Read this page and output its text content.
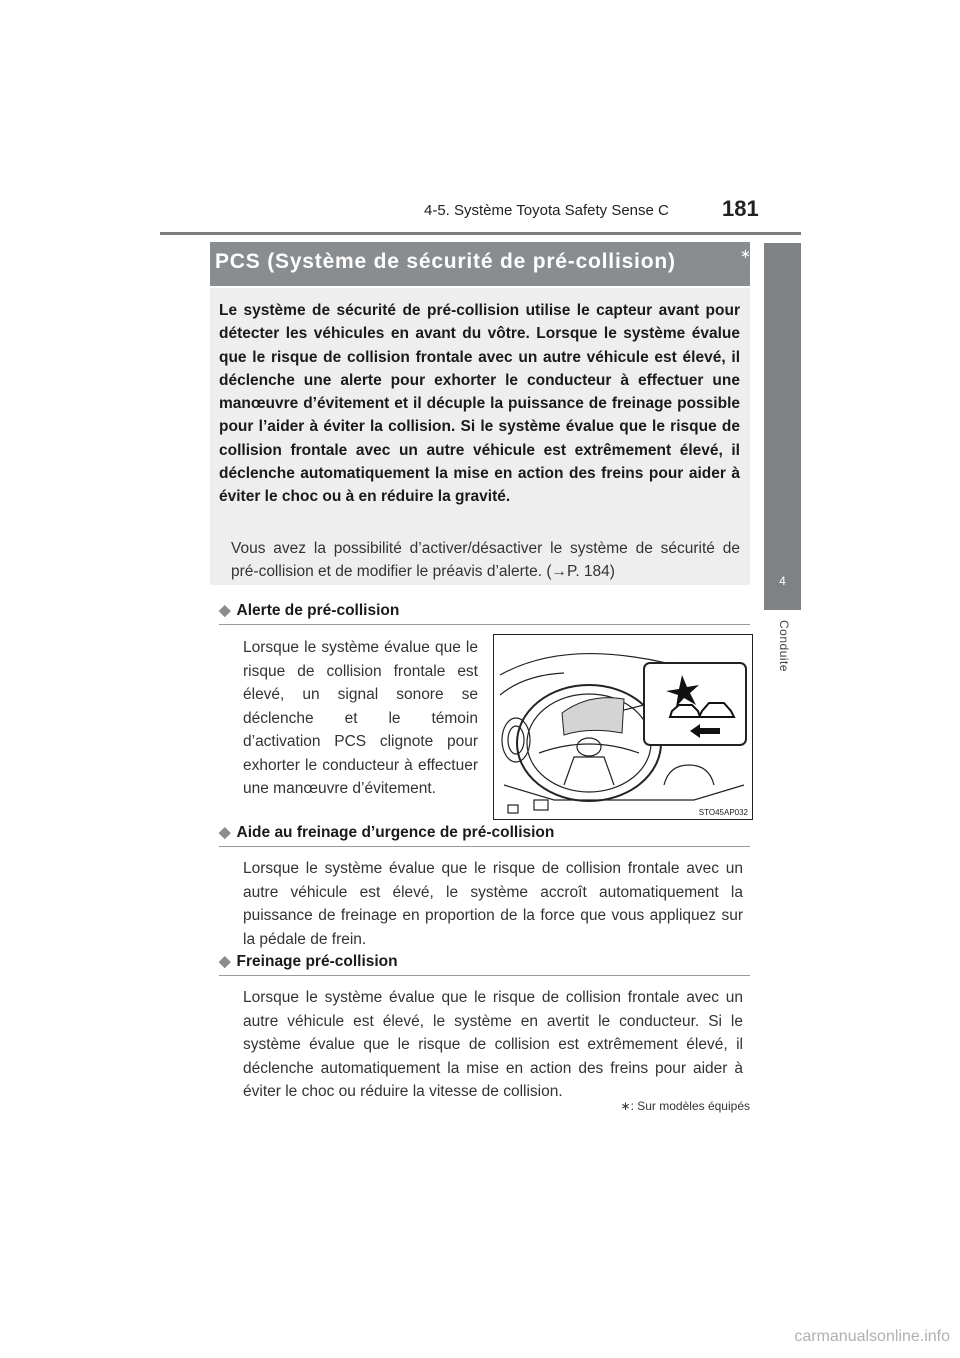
4-5. Système Toyota Safety Sense C 181
4
Conduite
PCS (Système de sécurité de pré-collision)	∗
Le système de sécurité de pré-collision utilise le capteur avant pour détecter les véhicules en avant du vôtre. Lorsque le système évalue que le risque de collision frontale avec un autre véhicule est élevé, il déclenche une alerte pour exhorter le conducteur à effectuer une manœuvre d’évitement et il décuple la puissance de freinage possible pour l’aider à éviter la collision. Si le système évalue que le risque de collision frontale avec un autre véhicule est extrêmement élevé, il déclenche automatiquement la mise en action des freins pour aider à éviter le choc ou à en réduire la gravité.
Vous avez la possibilité d’activer/désactiver le système de sécurité de pré-collision et de modifier le préavis d’alerte. (→P. 184)
◆ Alerte de pré-collision
Lorsque le système évalue que le risque de collision frontale est élevé, un signal sonore se déclenche et le témoin d’activation PCS clignote pour exhorter le conducteur à effectuer une manœuvre d’évitement.
STO45AP032
◆ Aide au freinage d’urgence de pré-collision
Lorsque le système évalue que le risque de collision frontale avec un autre véhicule est élevé, le système accroît automatiquement la puissance de freinage en proportion de la force que vous appliquez sur la pédale de frein.
◆ Freinage pré-collision
Lorsque le système évalue que le risque de collision frontale avec un autre véhicule est élevé, le système en avertit le conducteur. Si le système évalue que le risque de collision est extrêmement élevé, il déclenche automatiquement la mise en action des freins pour aider à éviter le choc ou réduire la vitesse de collision.
∗: Sur modèles équipés
carmanualsonline.info
